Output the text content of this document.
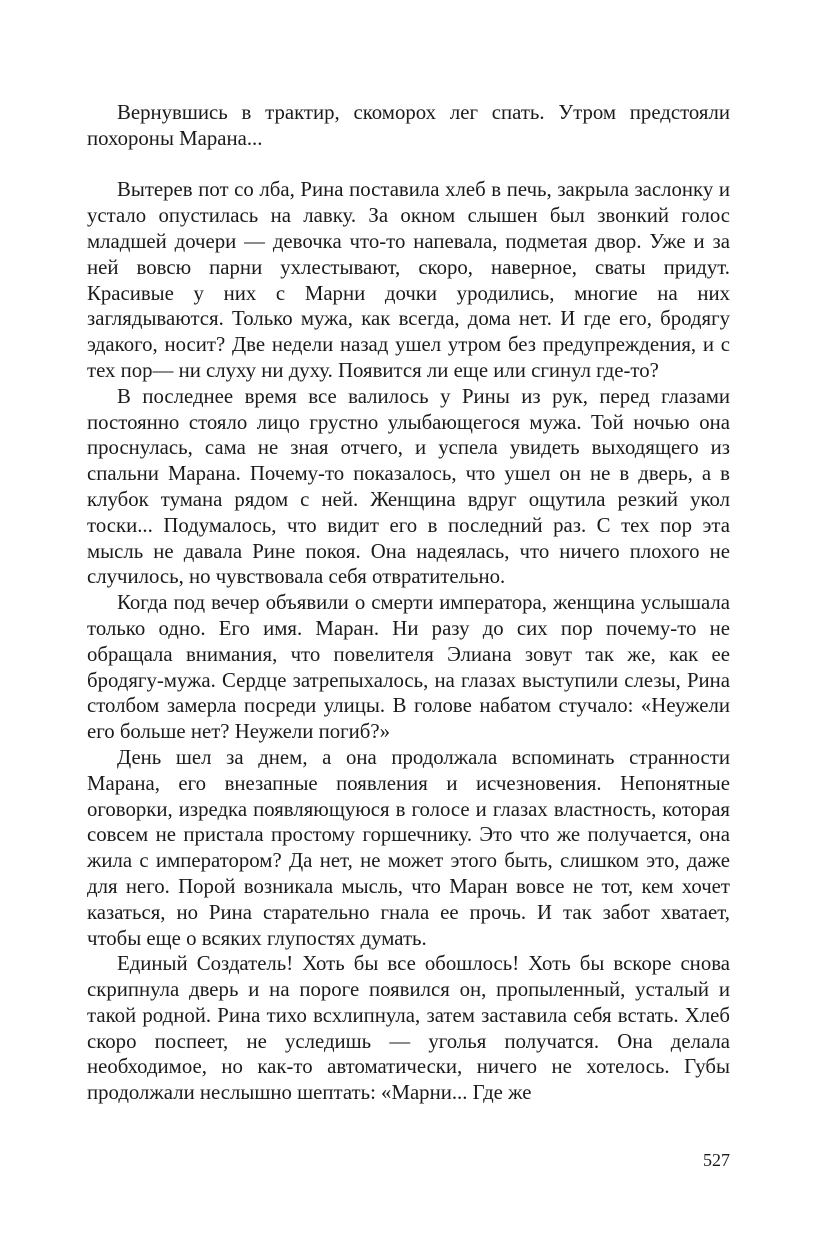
Вернувшись в трактир, скоморох лег спать. Утром предстояли похороны Марана...

Вытерев пот со лба, Рина поставила хлеб в печь, закрыла заслонку и устало опустилась на лавку. За окном слышен был звонкий голос младшей дочери — девочка что-то напевала, подметая двор. Уже и за ней вовсю парни ухлестывают, скоро, наверное, сваты придут. Красивые у них с Марни дочки уродились, многие на них заглядываются. Только мужа, как всегда, дома нет. И где его, бродягу эдакого, носит? Две недели назад ушел утром без предупреждения, и с тех пор— ни слуху ни духу. Появится ли еще или сгинул где-то?

В последнее время все валилось у Рины из рук, перед глазами постоянно стояло лицо грустно улыбающегося мужа. Той ночью она проснулась, сама не зная отчего, и успела увидеть выходящего из спальни Марана. Почему-то показалось, что ушел он не в дверь, а в клубок тумана рядом с ней. Женщина вдруг ощутила резкий укол тоски... Подумалось, что видит его в последний раз. С тех пор эта мысль не давала Рине покоя. Она надеялась, что ничего плохого не случилось, но чувствовала себя отвратительно.

Когда под вечер объявили о смерти императора, женщина услышала только одно. Его имя. Маран. Ни разу до сих пор почему-то не обращала внимания, что повелителя Элиана зовут так же, как ее бродягу-мужа. Сердце затрепыхалось, на глазах выступили слезы, Рина столбом замерла посреди улицы. В голове набатом стучало: «Неужели его больше нет? Неужели погиб?»

День шел за днем, а она продолжала вспоминать странности Марана, его внезапные появления и исчезновения. Непонятные оговорки, изредка появляющуюся в голосе и глазах властность, которая совсем не пристала простому горшечнику. Это что же получается, она жила с императором? Да нет, не может этого быть, слишком это, даже для него. Порой возникала мысль, что Маран вовсе не тот, кем хочет казаться, но Рина старательно гнала ее прочь. И так забот хватает, чтобы еще о всяких глупостях думать.

Единый Создатель! Хоть бы все обошлось! Хоть бы вскоре снова скрипнула дверь и на пороге появился он, пропыленный, усталый и такой родной. Рина тихо всхлипнула, затем заставила себя встать. Хлеб скоро поспеет, не уследишь — уголья получатся. Она делала необходимое, но как-то автоматически, ничего не хотелось. Губы продолжали неслышно шептать: «Марни... Где же

527
